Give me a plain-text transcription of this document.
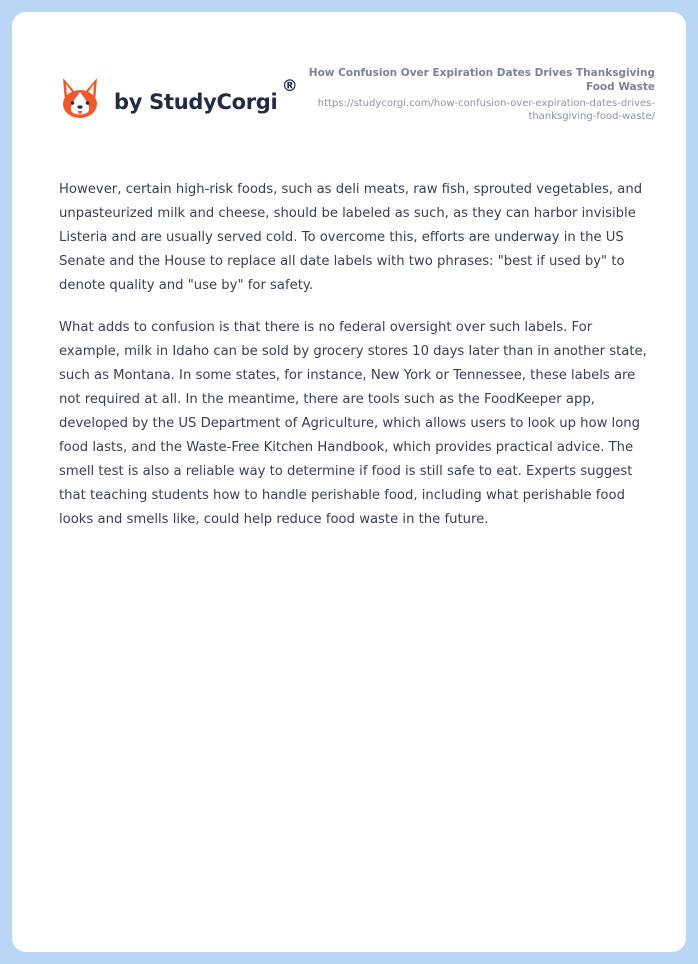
by StudyCorgi
®

How Confusion Over Expiration Dates Drives Thanksgiving Food Waste

https://studycorgi.com/how-confusion-over-expiration-dates-drives-thanksgiving-food-waste/

However, certain high-risk foods, such as deli meats, raw fish, sprouted vegetables, and unpasteurized milk and cheese, should be labeled as such, as they can harbor invisible Listeria and are usually served cold. To overcome this, efforts are underway in the US Senate and the House to replace all date labels with two phrases: "best if used by" to denote quality and "use by" for safety.

What adds to confusion is that there is no federal oversight over such labels. For example, milk in Idaho can be sold by grocery stores 10 days later than in another state, such as Montana. In some states, for instance, New York or Tennessee, these labels are not required at all. In the meantime, there are tools such as the FoodKeeper app, developed by the US Department of Agriculture, which allows users to look up how long food lasts, and the Waste-Free Kitchen Handbook, which provides practical advice. The smell test is also a reliable way to determine if food is still safe to eat. Experts suggest that teaching students how to handle perishable food, including what perishable food looks and smells like, could help reduce food waste in the future.
